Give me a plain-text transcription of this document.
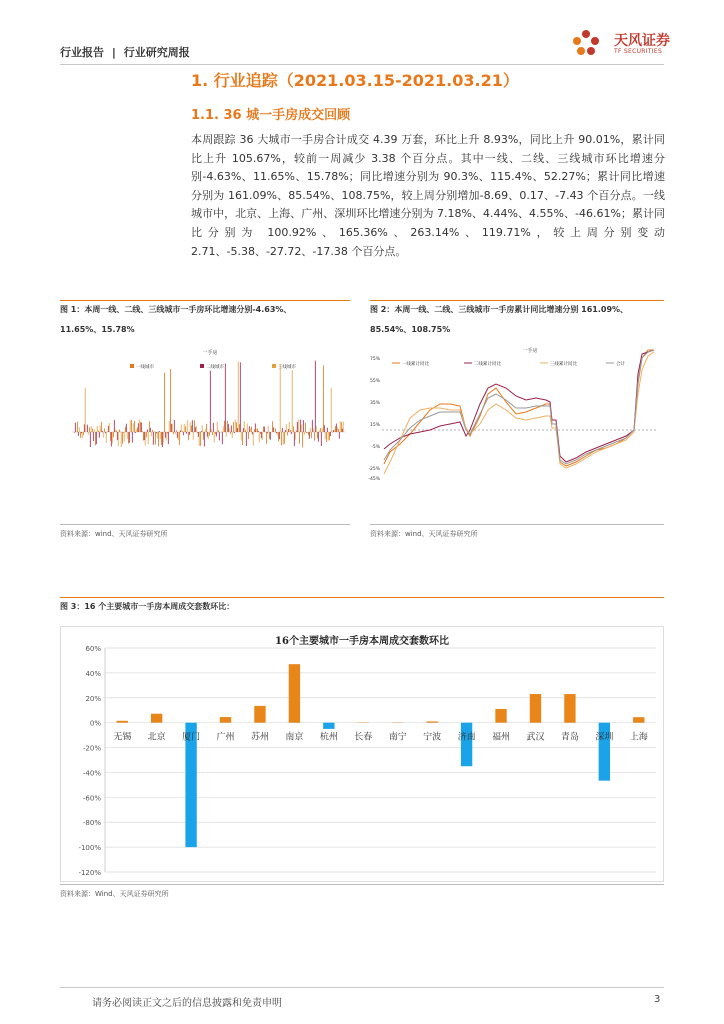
行业报告 | 行业研究周报
天风证券
TF SECURITIES
1. 行业追踪（2021.03.15-2021.03.21）
1.1. 36 城一手房成交回顾
本周跟踪 36 大城市一手房合计成交 4.39 万套，环比上升 8.93%，同比上升 90.01%，累计同比上升 105.67%，较前一周减少 3.38 个百分点。其中一线、二线、三线城市环比增速分别-4.63%、11.65%、15.78%；同比增速分别为 90.3%、115.4%、52.27%；累计同比增速分别为 161.09%、85.54%、108.75%，较上周分别增加-8.69、0.17、-7.43 个百分点。一线城市中，北京、上海、广州、深圳环比增速分别为 7.18%、4.44%、4.55%、-46.61%；累计同比分别为 100.92%、165.36%、263.14%、119.71%，较上周分别变动 2.71、-5.38、-27.72、-17.38 个百分点。
图 1：本周一线、二线、三线城市一手房环比增速分别-4.63%、
11.65%、15.78%
一手房
一线城市	二线城市	三线城市
资料来源：wind、天风证券研究所
图 2：本周一线、二线、三线城市一手房累计同比增速分别 161.09%、
85.54%、108.75%
一手房
75%
55%
35%
15%
-5%
-25%
-45%
一线累计同比	二线累计同比	三线累计同比	合计
资料来源：wind、天风证券研究所
图 3：16 个主要城市一手房本周成交套数环比：
16个主要城市一手房本周成交套数环比
60%
40%
20%
0%
-20%
-40%
-60%
-80%
-100%
-120%
无锡 北京 厦门 广州 苏州 南京 杭州 长春 南宁 宁波 济南 福州 武汉 青岛 深圳 上海
资料来源：Wind、天风证券研究所
请务必阅读正文之后的信息披露和免责申明	3
